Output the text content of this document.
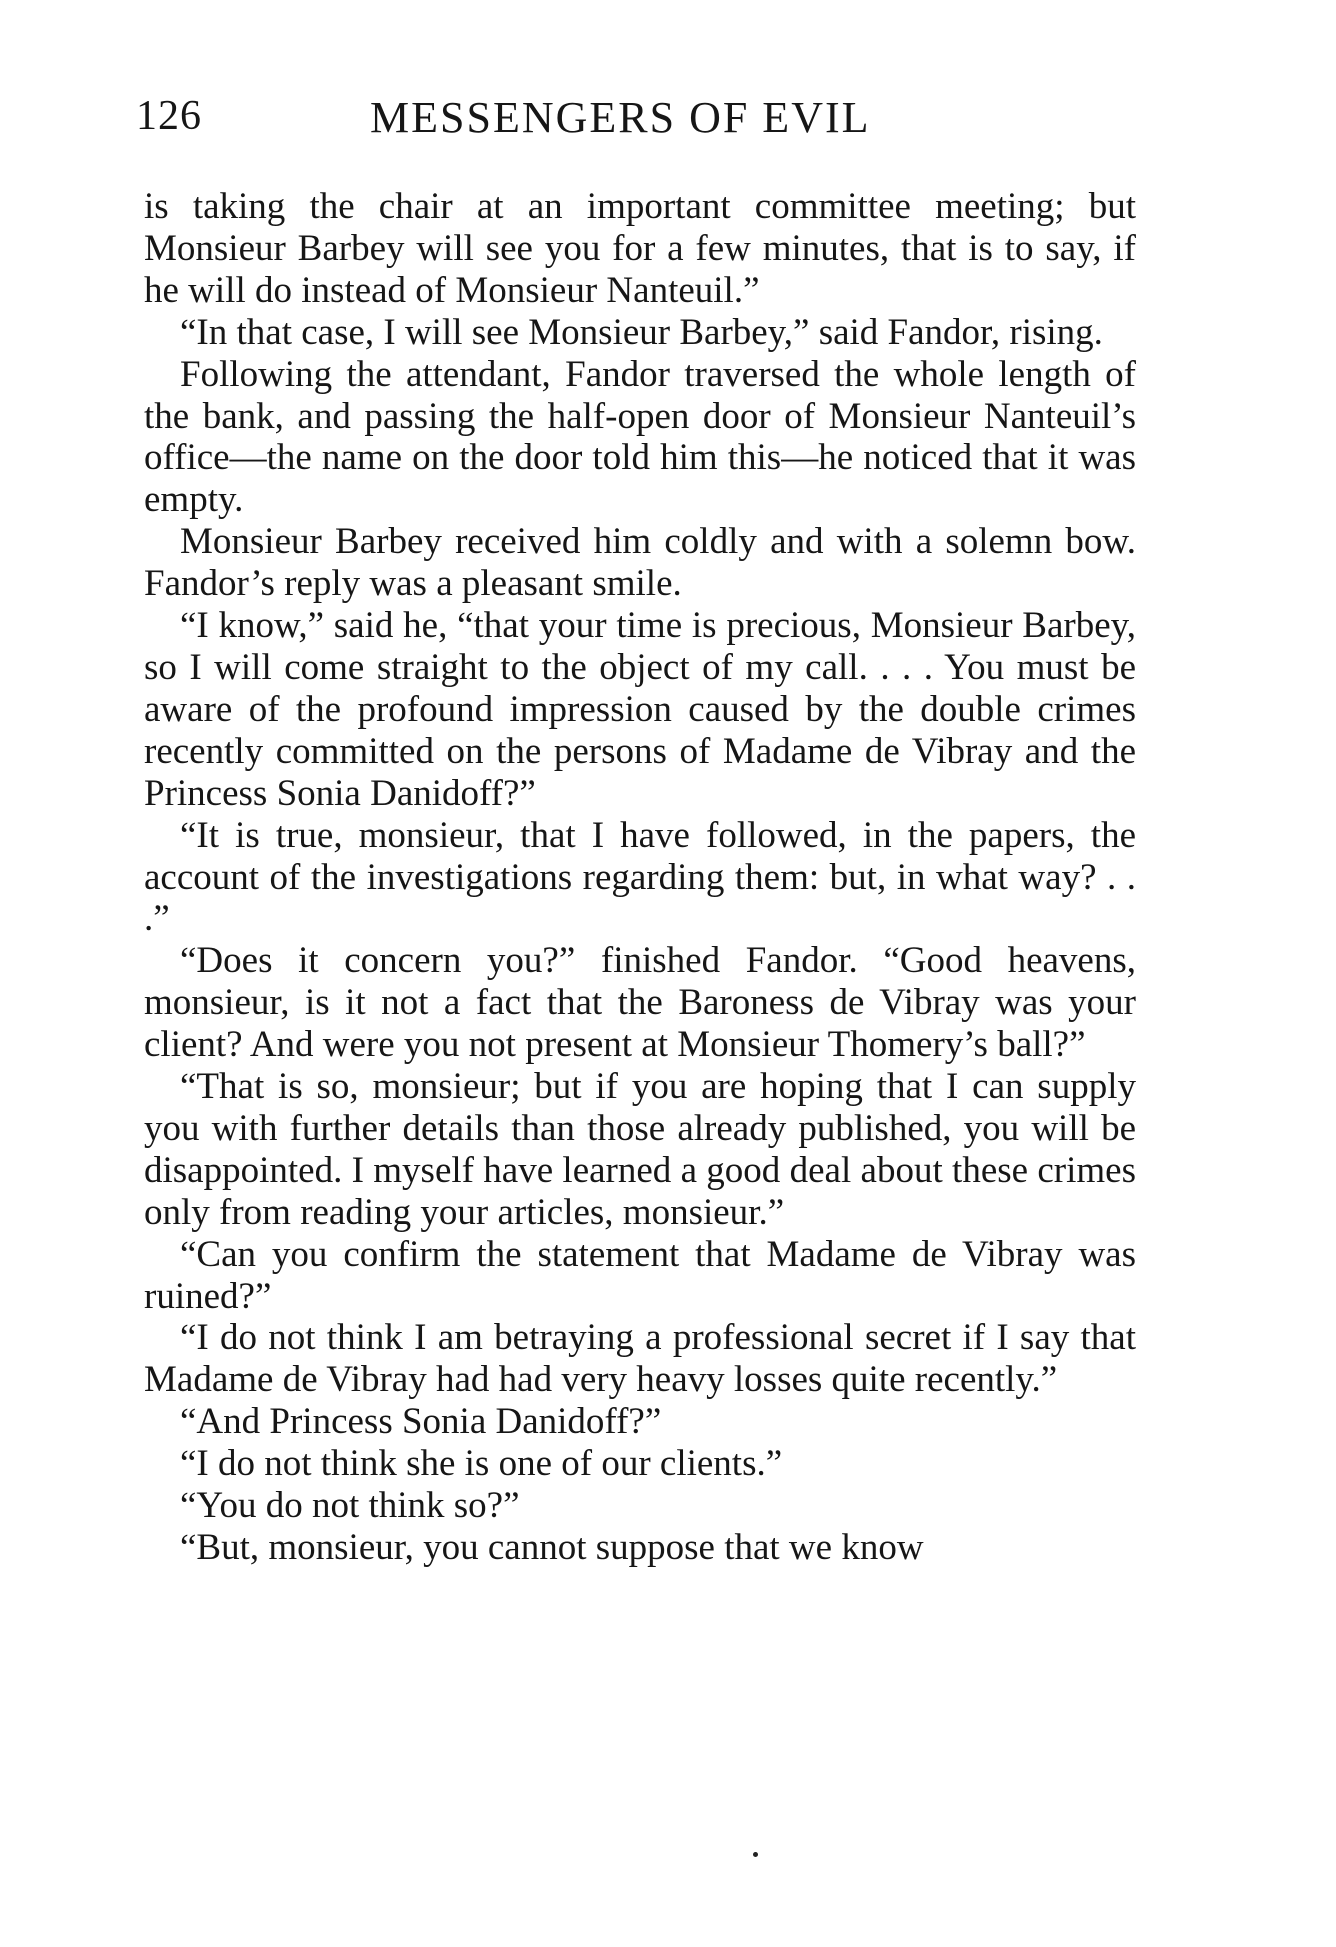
126	MESSENGERS OF EVIL

is taking the chair at an important committee meeting; but Monsieur Barbey will see you for a few minutes, that is to say, if he will do instead of Monsieur Nanteuil.”

“In that case, I will see Monsieur Barbey,” said Fandor, rising.

Following the attendant, Fandor traversed the whole length of the bank, and passing the half-open door of Monsieur Nanteuil’s office—the name on the door told him this—he noticed that it was empty.

Monsieur Barbey received him coldly and with a solemn bow. Fandor’s reply was a pleasant smile.

“I know,” said he, “that your time is precious, Monsieur Barbey, so I will come straight to the object of my call. . . . You must be aware of the profound impression caused by the double crimes recently committed on the persons of Madame de Vibray and the Princess Sonia Danidoff?”

“It is true, monsieur, that I have followed, in the papers, the account of the investigations regarding them: but, in what way? . . .”

“Does it concern you?” finished Fandor. “Good heavens, monsieur, is it not a fact that the Baroness de Vibray was your client? And were you not present at Monsieur Thomery’s ball?”

“That is so, monsieur; but if you are hoping that I can supply you with further details than those already published, you will be disappointed. I myself have learned a good deal about these crimes only from reading your articles, monsieur.”

“Can you confirm the statement that Madame de Vibray was ruined?”

“I do not think I am betraying a professional secret if I say that Madame de Vibray had had very heavy losses quite recently.”

“And Princess Sonia Danidoff?”

“I do not think she is one of our clients.”

“You do not think so?”

“But, monsieur, you cannot suppose that we know
